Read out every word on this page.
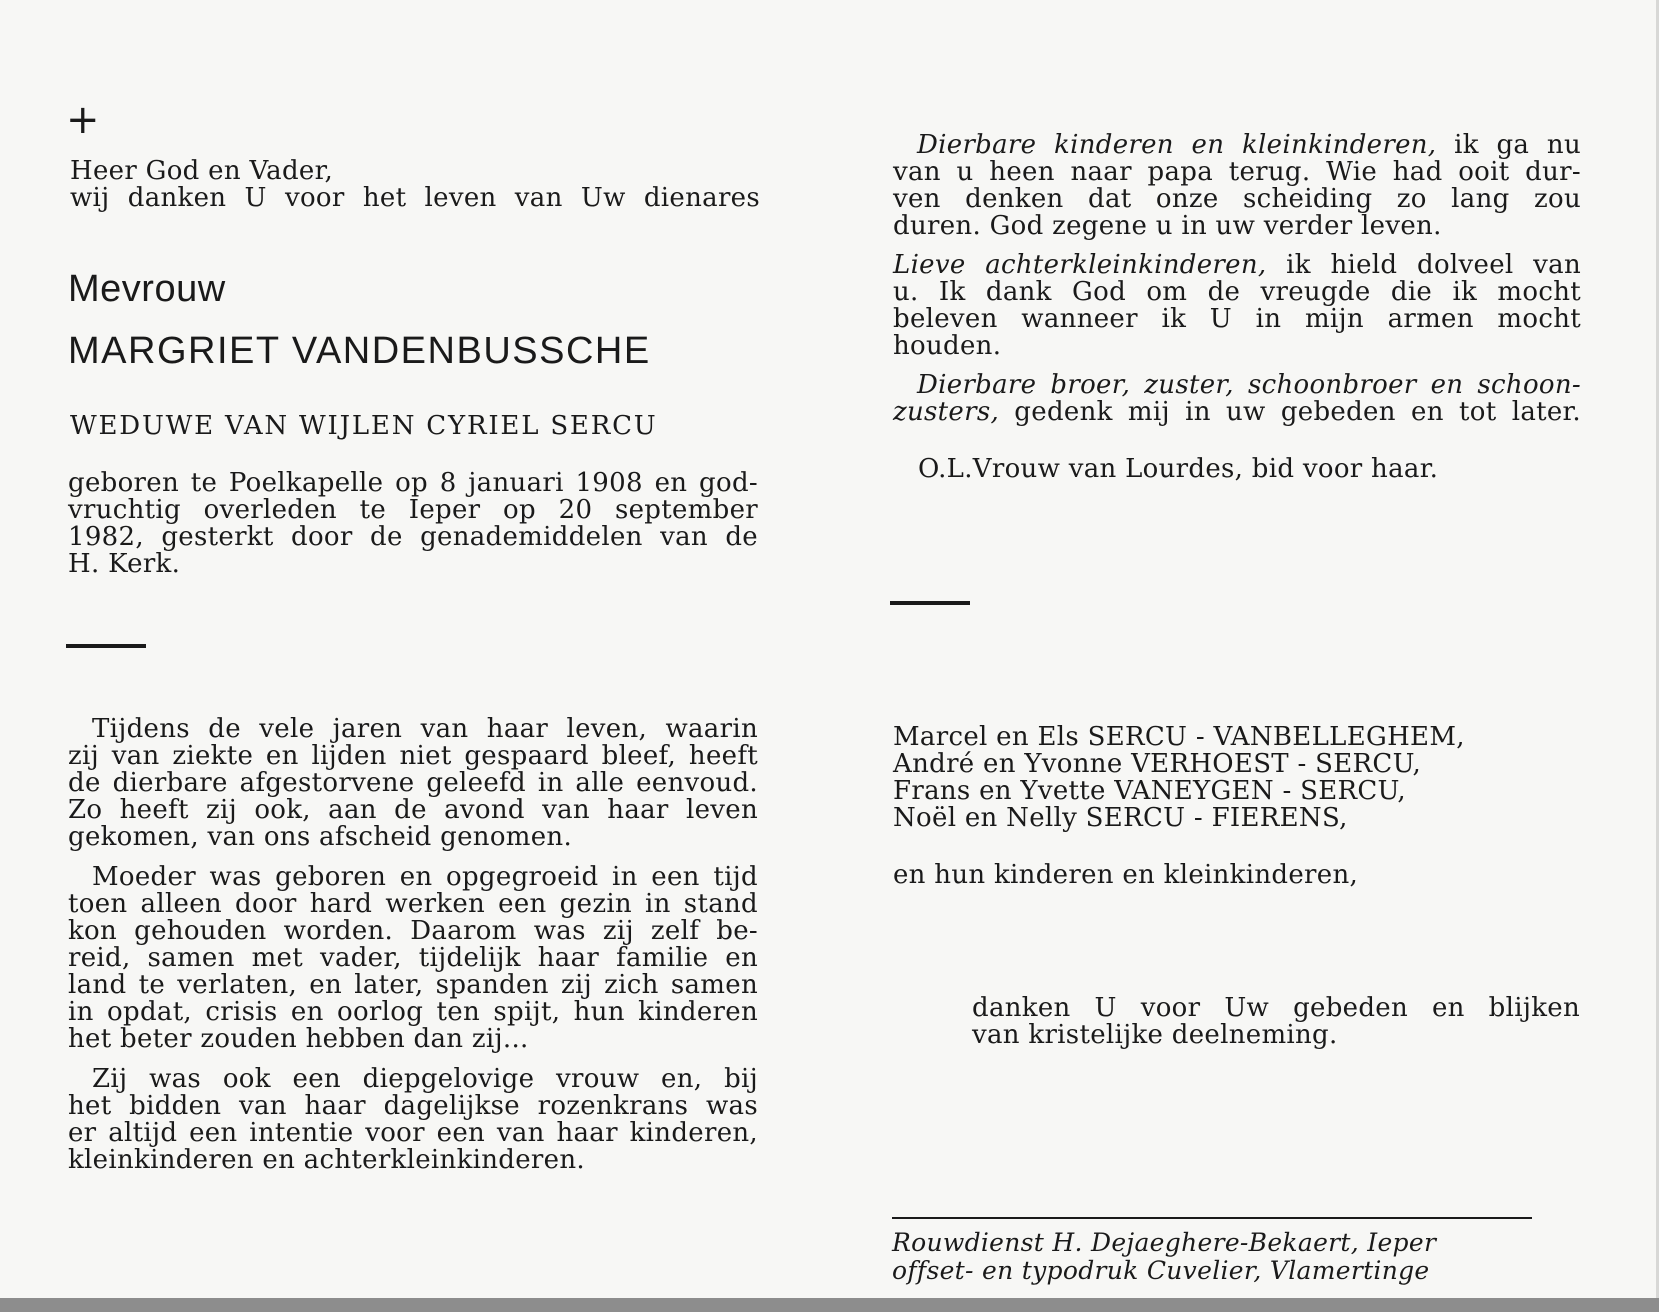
+

Heer God en Vader,

wij danken U voor het leven van Uw dienares

Mevrouw
MARGRIET VANDENBUSSCHE
WEDUWE VAN WIJLEN CYRIEL SERCU

geboren te Poelkapelle op 8 januari 1908 en god-

vruchtig overleden te Ieper op 20 september

1982, gesterkt door de genademiddelen van de

H. Kerk.

Tijdens de vele jaren van haar leven, waarin

zij van ziekte en lijden niet gespaard bleef, heeft

de dierbare afgestorvene geleefd in alle eenvoud.

Zo heeft zij ook, aan de avond van haar leven

gekomen, van ons afscheid genomen.

Moeder was geboren en opgegroeid in een tijd

toen alleen door hard werken een gezin in stand

kon gehouden worden. Daarom was zij zelf be-

reid, samen met vader, tijdelijk haar familie en

land te verlaten, en later, spanden zij zich samen

in opdat, crisis en oorlog ten spijt, hun kinderen

het beter zouden hebben dan zij...

Zij was ook een diepgelovige vrouw en, bij

het bidden van haar dagelijkse rozenkrans was

er altijd een intentie voor een van haar kinderen,

kleinkinderen en achterkleinkinderen.

Dierbare kinderen en kleinkinderen, ik ga nu

van u heen naar papa terug. Wie had ooit dur-

ven denken dat onze scheiding zo lang zou

duren. God zegene u in uw verder leven.

Lieve achterkleinkinderen, ik hield dolveel van

u. Ik dank God om de vreugde die ik mocht

beleven wanneer ik U in mijn armen mocht

houden.

Dierbare broer, zuster, schoonbroer en schoon-

zusters, gedenk mij in uw gebeden en tot later.

O.L.Vrouw van Lourdes, bid voor haar.

Marcel en Els SERCU - VANBELLEGHEM,

André en Yvonne VERHOEST - SERCU,

Frans en Yvette VANEYGEN - SERCU,

Noël en Nelly SERCU - FIERENS,

en hun kinderen en kleinkinderen,

danken U voor Uw gebeden en blijken

van kristelijke deelneming.

Rouwdienst H. Dejaeghere-Bekaert, Ieper

offset- en typodruk Cuvelier, Vlamertinge
